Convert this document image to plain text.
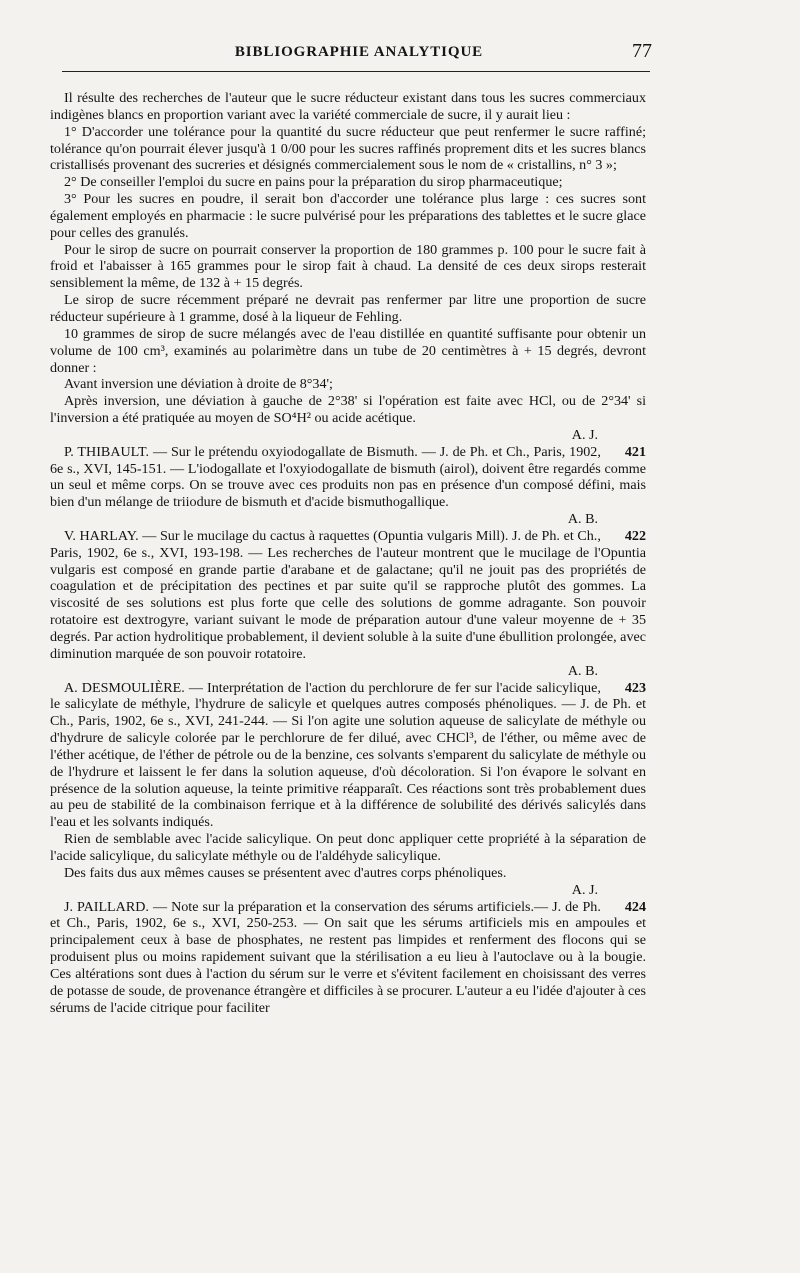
BIBLIOGRAPHIE ANALYTIQUE	77

Il résulte des recherches de l'auteur que le sucre réducteur existant dans tous les sucres commerciaux indigènes blancs en proportion variant avec la variété commerciale de sucre, il y aurait lieu :

1° D'accorder une tolérance pour la quantité du sucre réducteur que peut renfermer le sucre raffiné; tolérance qu'on pourrait élever jusqu'à 1 0/00 pour les sucres raffinés proprement dits et les sucres blancs cristallisés provenant des sucreries et désignés commercialement sous le nom de « cristallins, n° 3 »;

2° De conseiller l'emploi du sucre en pains pour la préparation du sirop pharmaceutique;

3° Pour les sucres en poudre, il serait bon d'accorder une tolérance plus large : ces sucres sont également employés en pharmacie : le sucre pulvérisé pour les préparations des tablettes et le sucre glace pour celles des granulés.

Pour le sirop de sucre on pourrait conserver la proportion de 180 grammes p. 100 pour le sucre fait à froid et l'abaisser à 165 grammes pour le sirop fait à chaud. La densité de ces deux sirops resterait sensiblement la même, de 132 à + 15 degrés.

Le sirop de sucre récemment préparé ne devrait pas renfermer par litre une proportion de sucre réducteur supérieure à 1 gramme, dosé à la liqueur de Fehling.

10 grammes de sirop de sucre mélangés avec de l'eau distillée en quantité suffisante pour obtenir un volume de 100 cm³, examinés au polarimètre dans un tube de 20 centimètres à + 15 degrés, devront donner :

Avant inversion une déviation à droite de 8°34';

Après inversion, une déviation à gauche de 2°38' si l'opération est faite avec HCl, ou de 2°34' si l'inversion a été pratiquée au moyen de SO⁴H² ou acide acétique.

A. J.

421
P. THIBAULT. — Sur le prétendu oxyiodogallate de Bismuth. — J. de Ph. et Ch., Paris, 1902, 6e s., XVI, 145-151. — L'iodogallate et l'oxyiodogallate de bismuth (airol), doivent être regardés comme un seul et même corps. On se trouve avec ces produits non pas en présence d'un composé défini, mais bien d'un mélange de triiodure de bismuth et d'acide bismuthogallique.

A. B.

422
V. HARLAY. — Sur le mucilage du cactus à raquettes (Opuntia vulgaris Mill). J. de Ph. et Ch., Paris, 1902, 6e s., XVI, 193-198. — Les recherches de l'auteur montrent que le mucilage de l'Opuntia vulgaris est composé en grande partie d'arabane et de galactane; qu'il ne jouit pas des propriétés de coagulation et de précipitation des pectines et par suite qu'il se rapproche plutôt des gommes. La viscosité de ses solutions est plus forte que celle des solutions de gomme adragante. Son pouvoir rotatoire est dextrogyre, variant suivant le mode de préparation autour d'une valeur moyenne de + 35 degrés. Par action hydrolitique probablement, il devient soluble à la suite d'une ébullition prolongée, avec diminution marquée de son pouvoir rotatoire.

A. B.

423
A. DESMOULIÈRE. — Interprétation de l'action du perchlorure de fer sur l'acide salicylique, le salicylate de méthyle, l'hydrure de salicyle et quelques autres composés phénoliques. — J. de Ph. et Ch., Paris, 1902, 6e s., XVI, 241-244. — Si l'on agite une solution aqueuse de salicylate de méthyle ou d'hydrure de salicyle colorée par le perchlorure de fer dilué, avec CHCl³, de l'éther, ou même avec de l'éther acétique, de l'éther de pétrole ou de la benzine, ces solvants s'emparent du salicylate de méthyle ou de l'hydrure et laissent le fer dans la solution aqueuse, d'où décoloration. Si l'on évapore le solvant en présence de la solution aqueuse, la teinte primitive réapparaît. Ces réactions sont très probablement dues au peu de stabilité de la combinaison ferrique et à la différence de solubilité des dérivés salicylés dans l'eau et les solvants indiqués.

Rien de semblable avec l'acide salicylique. On peut donc appliquer cette propriété à la séparation de l'acide salicylique, du salicylate méthyle ou de l'aldéhyde salicylique.

Des faits dus aux mêmes causes se présentent avec d'autres corps phénoliques.

A. J.

424
J. PAILLARD. — Note sur la préparation et la conservation des sérums artificiels.— J. de Ph. et Ch., Paris, 1902, 6e s., XVI, 250-253. — On sait que les sérums artificiels mis en ampoules et principalement ceux à base de phosphates, ne restent pas limpides et renferment des flocons qui se produisent plus ou moins rapidement suivant que la stérilisation a eu lieu à l'autoclave ou à la bougie. Ces altérations sont dues à l'action du sérum sur le verre et s'évitent facilement en choisissant des verres de potasse de soude, de provenance étrangère et difficiles à se procurer. L'auteur a eu l'idée d'ajouter à ces sérums de l'acide citrique pour faciliter
